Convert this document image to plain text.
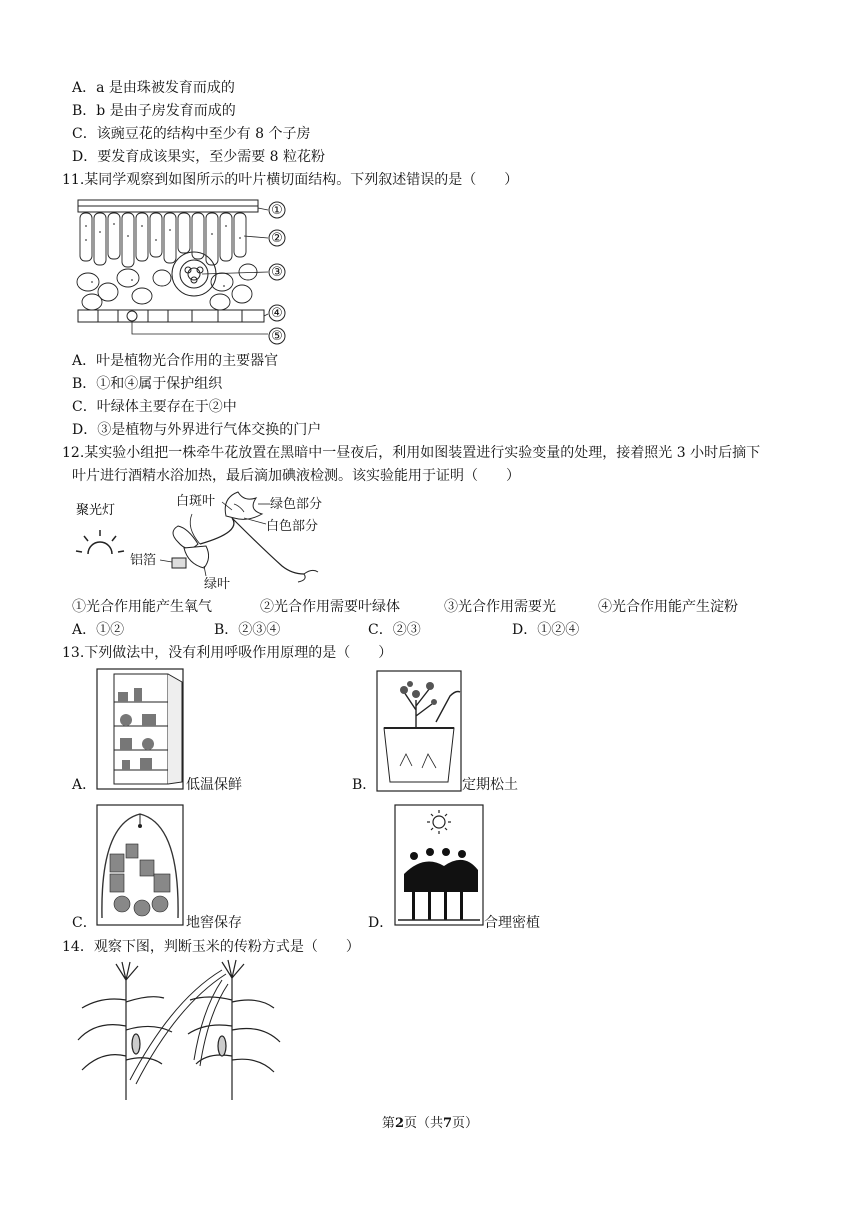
A．a 是由珠被发育而成的
B．b 是由子房发育而成的
C．该豌豆花的结构中至少有 8 个子房
D．要发育成该果实，至少需要 8 粒花粉
11.某同学观察到如图所示的叶片横切面结构。下列叙述错误的是（　　）
①
②
③
④
⑤
A．叶是植物光合作用的主要器官
B．①和④属于保护组织
C．叶绿体主要存在于②中
D．③是植物与外界进行气体交换的门户
12.某实验小组把一株牵牛花放置在黑暗中一昼夜后，利用如图装置进行实验变量的处理，接着照光 3 小时后摘下
叶片进行酒精水浴加热，最后滴加碘液检测。该实验能用于证明（　　）
聚光灯
白斑叶	绿色部分
白色部分
铝箔
绿叶
①光合作用能产生氧气	②光合作用需要叶绿体	③光合作用需要光	④光合作用能产生淀粉
A．①②	B．②③④	C．②③	D．①②④
13.下列做法中，没有利用呼吸作用原理的是（　　）
A．	低温保鲜	B．	定期松土
C．	地窖保存	D．	合理密植
14．观察下图，判断玉米的传粉方式是（　　）
第2页（共7页）
